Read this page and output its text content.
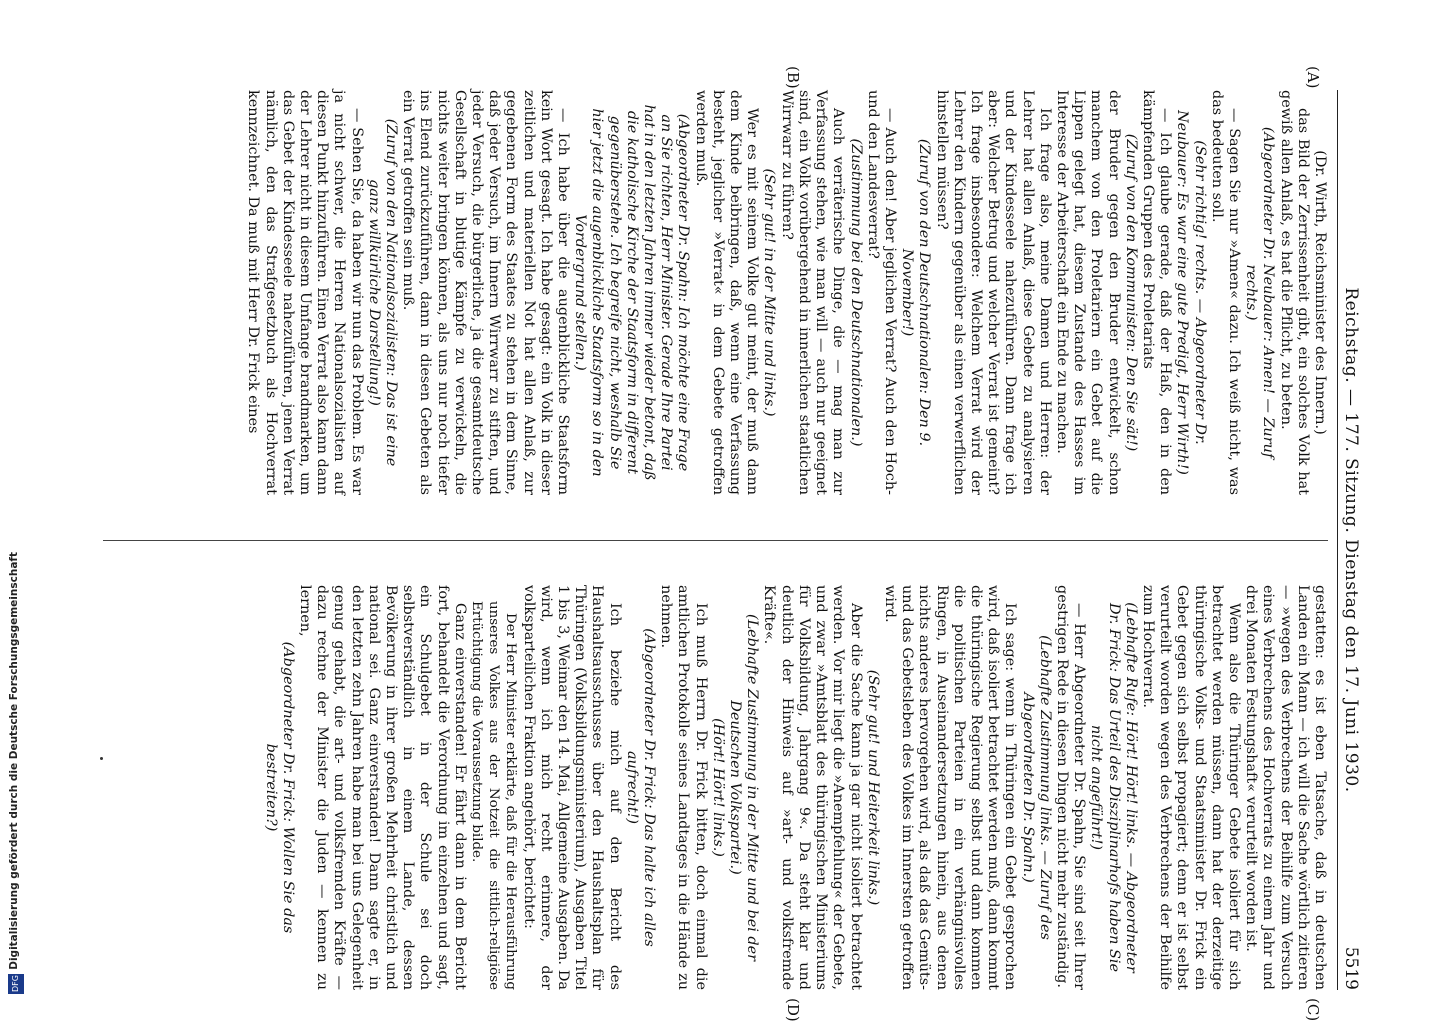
Reichstag. — 177. Sitzung. Dienstag den 17. Juni 1930.
5519
(A)
(B)
(C)
(D)

(Dr. Wirth, Reichsminister des Innern.)

das Bild der Zerrissenheit gibt, ein solches Volk hat gewiß allen Anlaß, es hat die Pflicht, zu beten.

(Abgeordneter Dr. Neubauer: Amen! — Zuruf rechts.)

— Sagen Sie nur »Amen« dazu. Ich weiß nicht, was das bedeuten soll.

(Sehr richtig! rechts. — Abgeordneter Dr. Neubauer: Es war eine gute Predigt, Herr Wirth!)

— Ich glaube gerade, daß der Haß, den in den kämpfenden Gruppen des Proletariats

(Zuruf von den Kommunisten: Den Sie sät!)

der Bruder gegen den Bruder entwickelt, schon manchem von den Proletariern ein Gebet auf die Lippen gelegt hat, diesem Zustande des Hasses im Interesse der Arbeiterschaft ein Ende zu machen.

Ich frage also, meine Damen und Herren: der Lehrer hat allen Anlaß, diese Gebete zu analysieren und der Kindesseele nahezuführen. Dann frage ich aber: Welcher Betrug und welcher Verrat ist gemeint? Ich frage insbesondere: Welchem Verrat wird der Lehrer den Kindern gegenüber als einen verwerflichen hinstellen müssen?

(Zuruf von den Deutschnationalen: Den 9. November!)

— Auch den! Aber jeglichen Verrat? Auch den Hoch- und den Landesverrat?

(Zustimmung bei den Deutschnationalen.)

Auch verräterische Dinge, die — mag man zur Verfassung stehen, wie man will — auch nur geeignet sind, ein Volk vorübergehend in innerlichen staatlichen Wirrwarr zu führen?

(Sehr gut! in der Mitte und links.)

Wer es mit seinem Volke gut meint, der muß dann dem Kinde beibringen, daß, wenn eine Verfassung besteht, jeglicher »Verrat« in dem Gebete getroffen werden muß.

(Abgeordneter Dr. Spahn: Ich möchte eine Frage an Sie richten, Herr Minister. Gerade Ihre Partei hat in den letzten Jahren immer wieder betont, daß die katholische Kirche der Staatsform in different gegenüberstehe. Ich begreife nicht, weshalb Sie hier jetzt die augenblickliche Staatsform so in den Vordergrund stellen.)

— Ich habe über die augenblickliche Staatsform kein Wort gesagt. Ich habe gesagt: ein Volk in dieser zeitlichen und materiellen Not hat allen Anlaß, zur gegebenen Form des Staates zu stehen in dem Sinne, daß jeder Versuch, im Innern Wirrwarr zu stiften, und jeder Versuch, die bürgerliche, ja die gesamtdeutsche Gesellschaft in blutige Kämpfe zu verwickeln, die nichts weiter bringen können, als uns nur noch tiefer ins Elend zurückzuführen, dann in diesen Gebeten als ein Verrat getroffen sein muß.

(Zuruf von den Nationalsozialisten: Das ist eine ganz willkürliche Darstellung!)

— Sehen Sie, da haben wir nun das Problem. Es war ja nicht schwer, die Herren Nationalsozialisten auf diesen Punkt hinzuführen. Einen Verrat also kann dann der Lehrer nicht in diesem Umfange brandmarken, um das Gebet der Kindesseele nahezuführen, jenen Verrat nämlich, den das Strafgesetzbuch als Hochverrat kennzeichnet. Da muß mit Herr Dr. Frick eines

gestatten: es ist eben Tatsache, daß in deutschen Landen ein Mann — ich will die Sache wörtlich zitieren — »wegen des Verbrechens der Beihilfe zum Versuch eines Verbrechens des Hochverrats zu einem Jahr und drei Monaten Festungshaft« verurteilt worden ist.

Wenn also die Thüringer Gebete isoliert für sich betrachtet werden müssen, dann hat der derzeitige thüringische Volks- und Staatsminister Dr. Frick ein Gebet gegen sich selbst propagiert; denn er ist selbst verurteilt worden wegen des Verbrechens der Beihilfe zum Hochverrat.

(Lebhafte Rufe: Hört! Hört! links. — Abgeordneter Dr. Frick: Das Urteil des Disziplinarhofs haben Sie nicht angeführt!)

— Herr Abgeordneter Dr. Spahn, Sie sind seit Ihrer gestrigen Rede in diesen Dingen nicht mehr zuständig.

(Lebhafte Zustimmung links. — Zuruf des Abgeordneten Dr. Spahn.)

Ich sage: wenn in Thüringen ein Gebet gesprochen wird, daß isoliert betrachtet werden muß, dann kommt die thüringische Regierung selbst und dann kommen die politischen Parteien in ein verhängnisvolles Ringen, in Auseinandersetzungen hinein, aus denen nichts anderes hervorgehen wird, als daß das Gemüts- und das Gebetsleben des Volkes im Innersten getroffen wird.

(Sehr gut! und Heiterkeit links.)

Aber die Sache kann ja gar nicht isoliert betrachtet werden. Vor mir liegt die »Anempfehlung« der Gebete, und zwar »Amtsblatt des thüringischen Ministeriums für Volksbildung, Jahrgang 9«. Da steht klar und deutlich der Hinweis auf »art- und volksfremde Kräfte«.

(Lebhafte Zustimmung in der Mitte und bei der Deutschen Volkspartei.)

(Hört! Hört! links.)

Ich muß Herrn Dr. Frick bitten, doch einmal die amtlichen Protokolle seines Landtages in die Hände zu nehmen.

(Abgeordneter Dr. Frick: Das halte ich alles aufrecht!)

Ich beziehe mich auf den Bericht des Haushaltsausschusses über den Haushaltsplan für Thüringen (Volksbildungsministerium), Ausgaben Titel 1 bis 3, Weimar den 14. Mai, Allgemeine Ausgaben. Da wird, wenn ich mich recht erinnere, der volksparteilichen Fraktion angehört, berichtet:

Der Herr Minister erklärte, daß für die Herausführung unseres Volkes aus der Notzeit die sittlich-religiöse Ertüchtigung die Voraussetzung bilde.

Ganz einverstanden! Er fährt dann in dem Bericht fort, behandelt die Verordnung im einzelnen und sagt, ein Schulgebet in der Schule sei doch selbstverständlich in einem Lande, dessen Bevölkerung in ihrer großen Mehrheit christlich und national sei. Ganz einverstanden! Dann sagte er, in den letzten zehn Jahren habe man bei uns Gelegenheit genug gehabt, die art- und volksfremden Kräfte — dazu rechne der Minister die Juden — kennen zu lernen,

(Abgeordneter Dr. Frick: Wollen Sie das bestreiten?)

Digitalisierung gefördert durch die Deutsche Forschungsgemeinschaft
DFG
